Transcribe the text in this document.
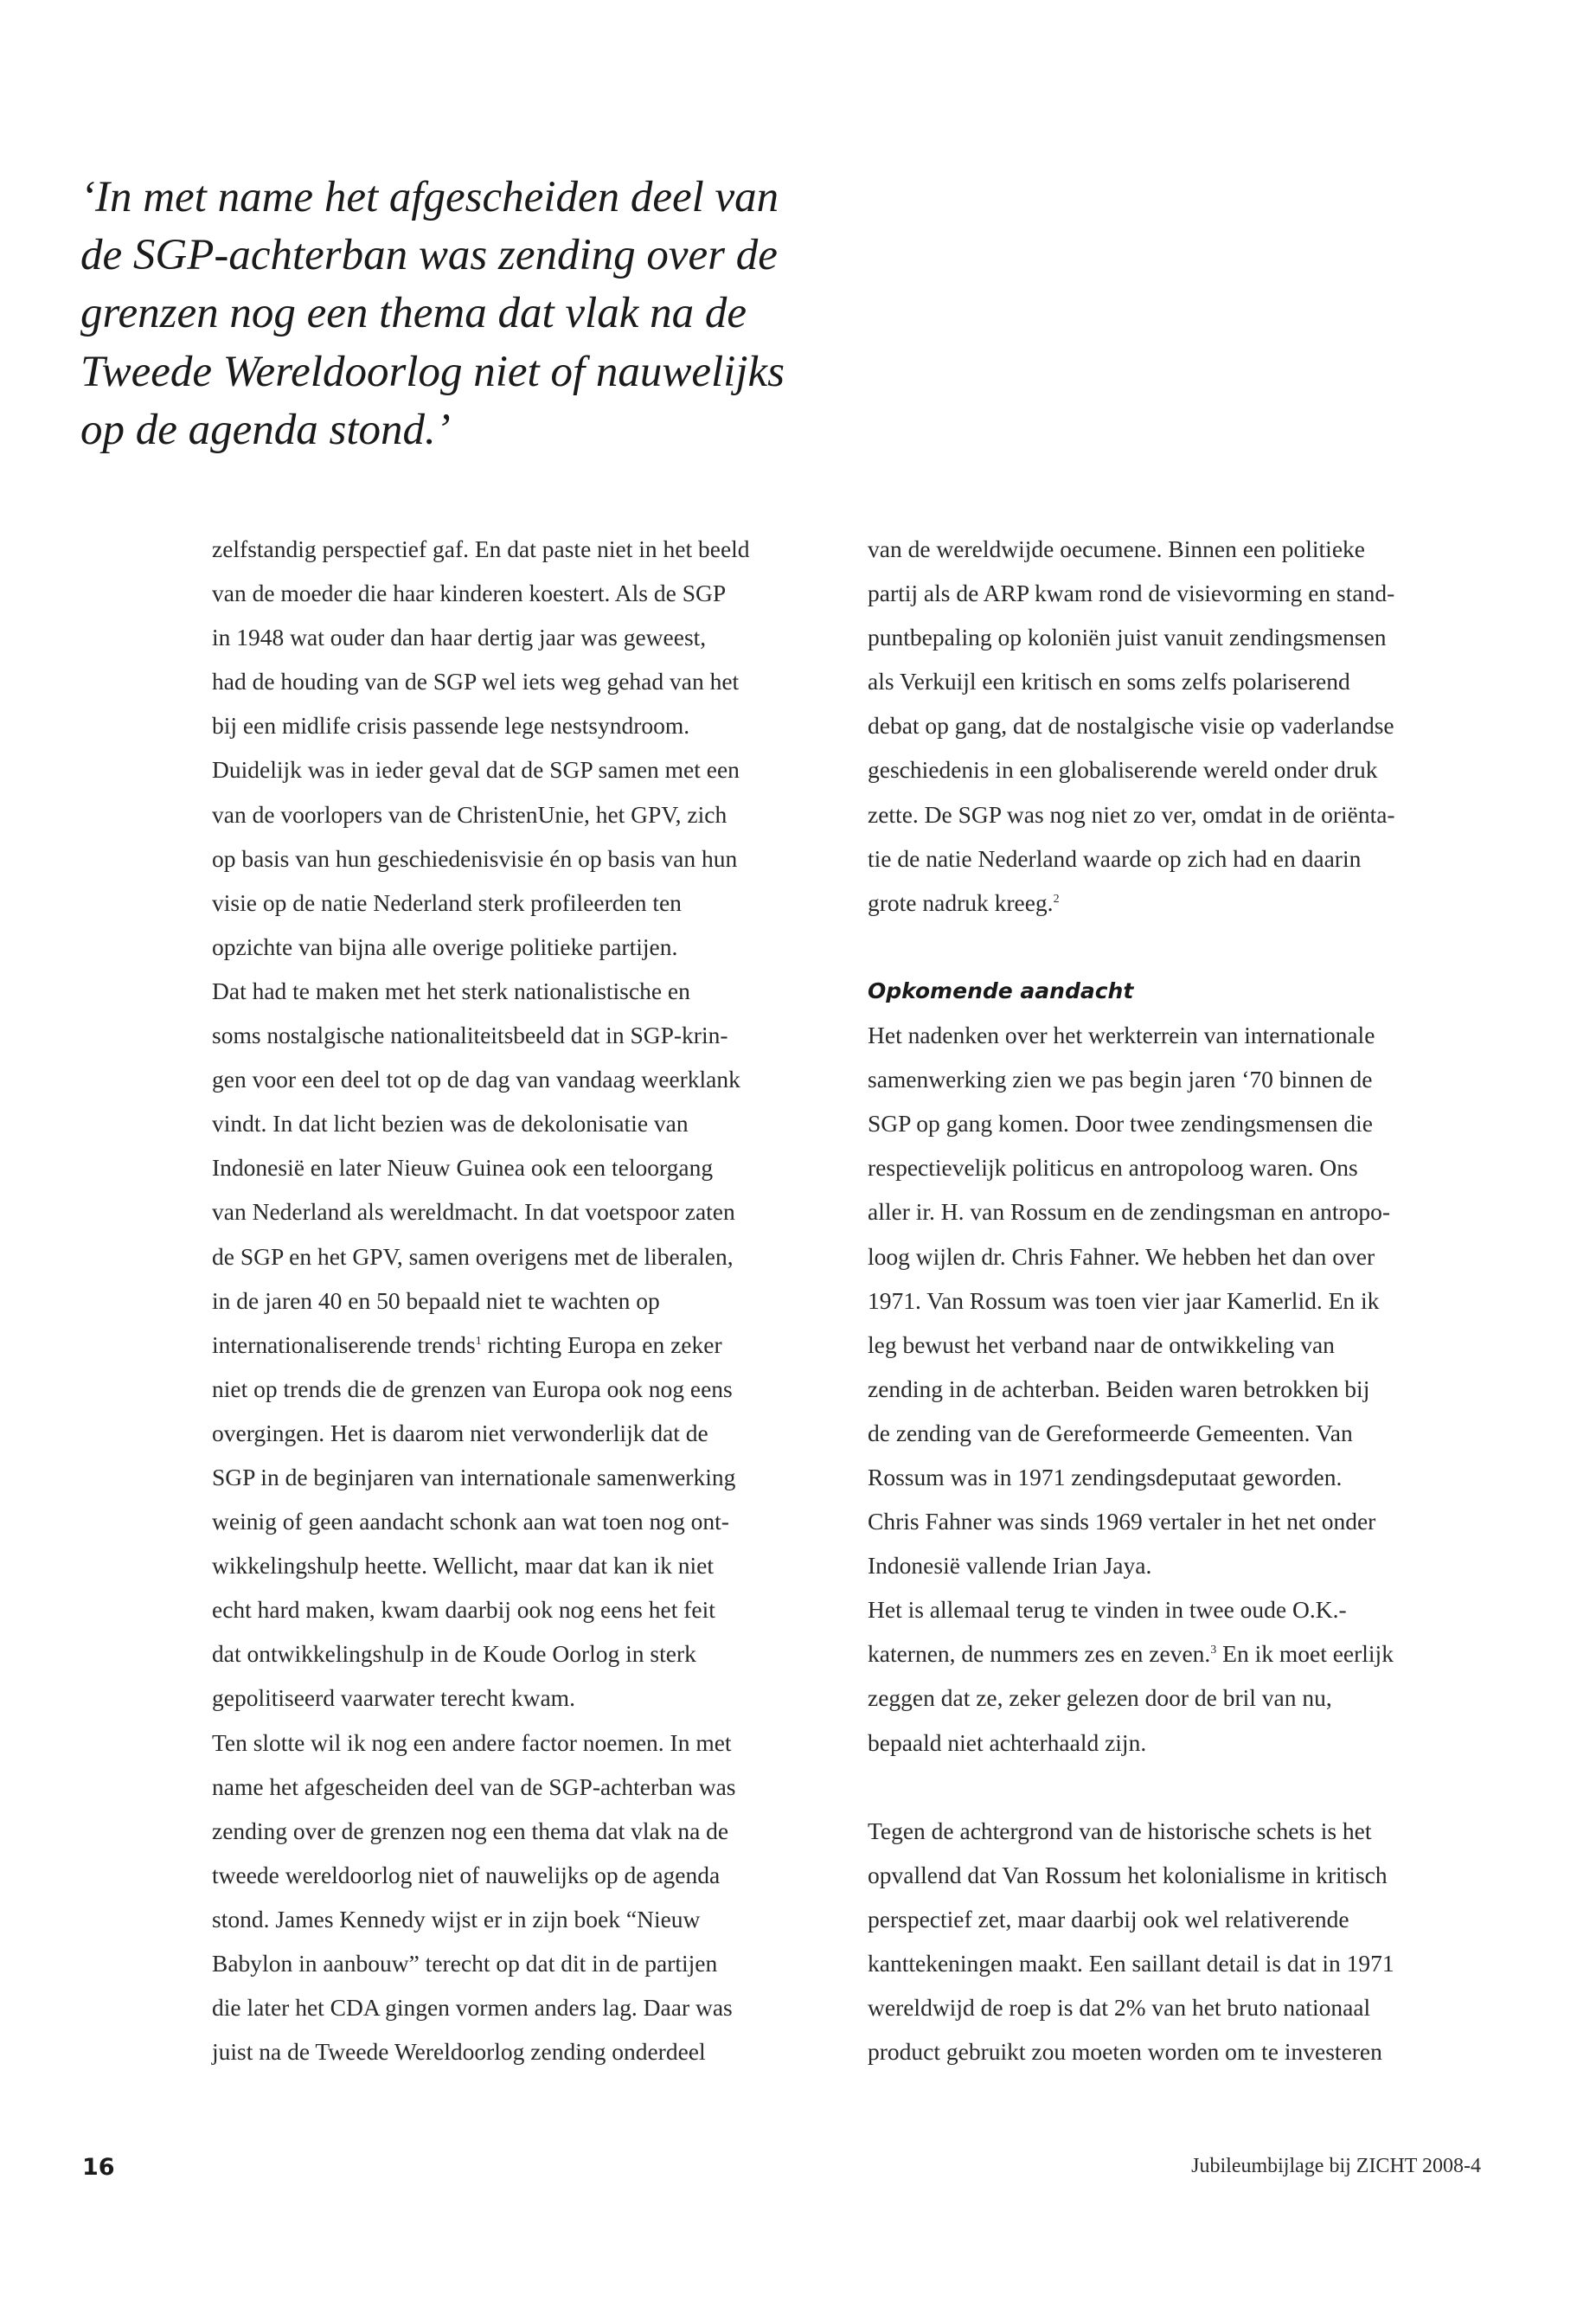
‘In met name het afgescheiden deel van
de SGP-achterban was zending over de
grenzen nog een thema dat vlak na de
Tweede Wereldoorlog niet of nauwelijks
op de agenda stond.’
zelfstandig perspectief gaf. En dat paste niet in het beeld
van de moeder die haar kinderen koestert. Als de SGP
in 1948 wat ouder dan haar dertig jaar was geweest,
had de houding van de SGP wel iets weg gehad van het
bij een midlife crisis passende lege nestsyndroom.
Duidelijk was in ieder geval dat de SGP samen met een
van de voorlopers van de ChristenUnie, het GPV, zich
op basis van hun geschiedenisvisie én op basis van hun
visie op de natie Nederland sterk profileerden ten
opzichte van bijna alle overige politieke partijen.
Dat had te maken met het sterk nationalistische en
soms nostalgische nationaliteitsbeeld dat in SGP-krin-
gen voor een deel tot op de dag van vandaag weerklank
vindt. In dat licht bezien was de dekolonisatie van
Indonesië en later Nieuw Guinea ook een teloorgang
van Nederland als wereldmacht. In dat voetspoor zaten
de SGP en het GPV, samen overigens met de liberalen,
in de jaren 40 en 50 bepaald niet te wachten op
internationaliserende trends$^1$ richting Europa en zeker
niet op trends die de grenzen van Europa ook nog eens
overgingen. Het is daarom niet verwonderlijk dat de
SGP in de beginjaren van internationale samenwerking
weinig of geen aandacht schonk aan wat toen nog ont-
wikkelingshulp heette. Wellicht, maar dat kan ik niet
echt hard maken, kwam daarbij ook nog eens het feit
dat ontwikkelingshulp in de Koude Oorlog in sterk
gepolitiseerd vaarwater terecht kwam.
Ten slotte wil ik nog een andere factor noemen. In met
name het afgescheiden deel van de SGP-achterban was
zending over de grenzen nog een thema dat vlak na de
tweede wereldoorlog niet of nauwelijks op de agenda
stond. James Kennedy wijst er in zijn boek “Nieuw
Babylon in aanbouw” terecht op dat dit in de partijen
die later het CDA gingen vormen anders lag. Daar was
juist na de Tweede Wereldoorlog zending onderdeel
van de wereldwijde oecumene. Binnen een politieke
partij als de ARP kwam rond de visievorming en stand-
puntbepaling op koloniën juist vanuit zendingsmensen
als Verkuijl een kritisch en soms zelfs polariserend
debat op gang, dat de nostalgische visie op vaderlandse
geschiedenis in een globaliserende wereld onder druk
zette. De SGP was nog niet zo ver, omdat in de oriënta-
tie de natie Nederland waarde op zich had en daarin
grote nadruk kreeg.$^2$
Opkomende aandacht
Het nadenken over het werkterrein van internationale
samenwerking zien we pas begin jaren ‘70 binnen de
SGP op gang komen. Door twee zendingsmensen die
respectievelijk politicus en antropoloog waren. Ons
aller ir. H. van Rossum en de zendingsman en antropo-
loog wijlen dr. Chris Fahner. We hebben het dan over
1971. Van Rossum was toen vier jaar Kamerlid. En ik
leg bewust het verband naar de ontwikkeling van
zending in de achterban. Beiden waren betrokken bij
de zending van de Gereformeerde Gemeenten. Van
Rossum was in 1971 zendingsdeputaat geworden.
Chris Fahner was sinds 1969 vertaler in het net onder
Indonesië vallende Irian Jaya.
Het is allemaal terug te vinden in twee oude O.K.-
katernen, de nummers zes en zeven.$^3$ En ik moet eerlijk
zeggen dat ze, zeker gelezen door de bril van nu,
bepaald niet achterhaald zijn.
Tegen de achtergrond van de historische schets is het
opvallend dat Van Rossum het kolonialisme in kritisch
perspectief zet, maar daarbij ook wel relativerende
kanttekeningen maakt. Een saillant detail is dat in 1971
wereldwijd de roep is dat 2% van het bruto nationaal
product gebruikt zou moeten worden om te investeren
16	Jubileumbijlage bij ZICHT 2008-4
